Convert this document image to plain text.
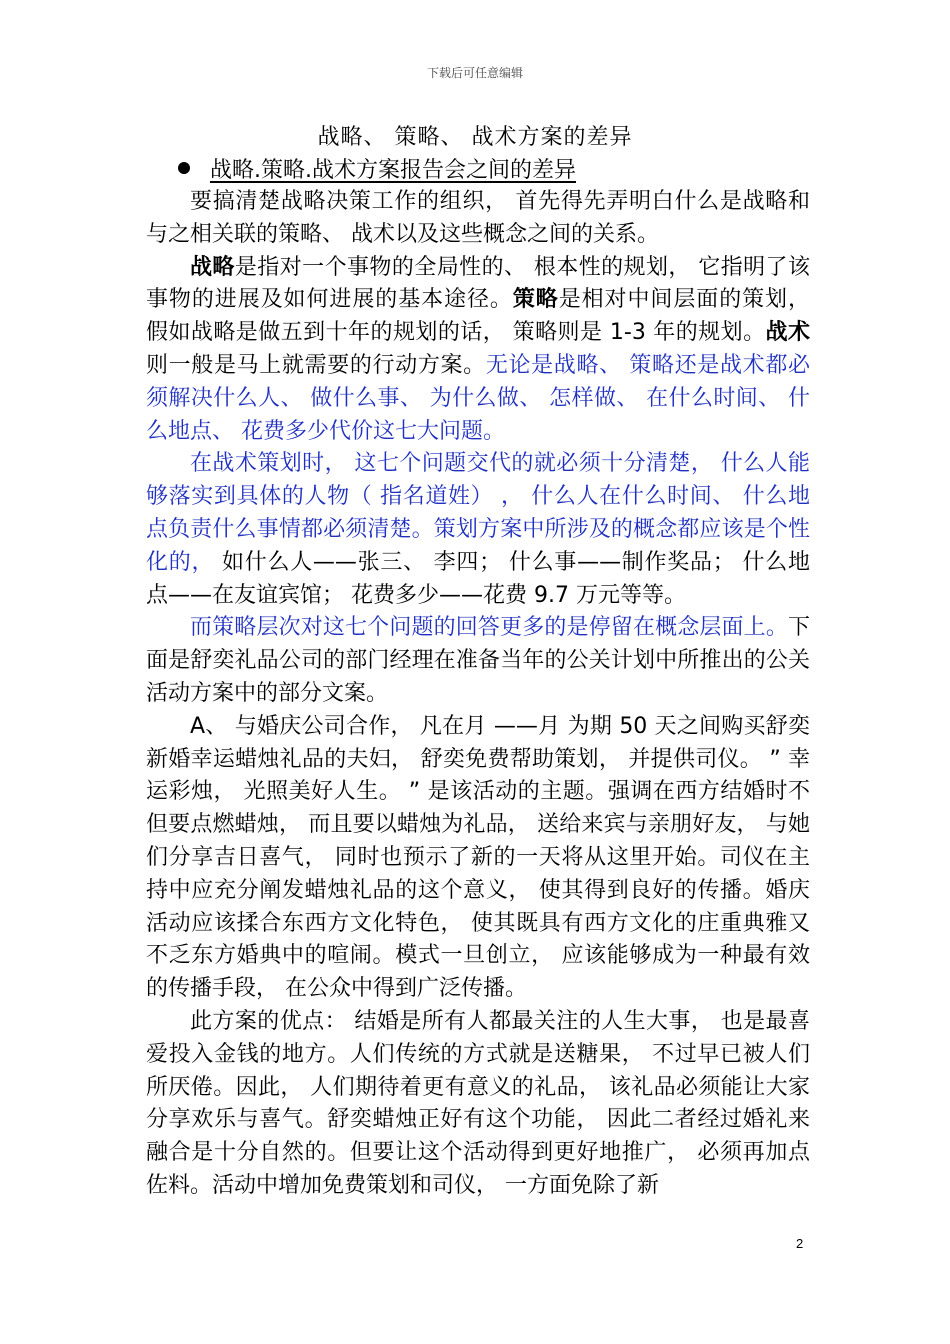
下载后可任意编辑
战略、 策略、 战术方案的差异
战略.策略.战术方案报告会之间的差异

要搞清楚战略决策工作的组织， 首先得先弄明白什么是战略和与之相关联的策略、 战术以及这些概念之间的关系。

战略是指对一个事物的全局性的、 根本性的规划， 它指明了该事物的进展及如何进展的基本途径。策略是相对中间层面的策划， 假如战略是做五到十年的规划的话， 策略则是 1-3 年的规划。战术则一般是马上就需要的行动方案。无论是战略、 策略还是战术都必须解决什么人、 做什么事、 为什么做、 怎样做、 在什么时间、 什么地点、 花费多少代价这七大问题。

在战术策划时， 这七个问题交代的就必须十分清楚， 什么人能够落实到具体的人物（ 指名道姓） ， 什么人在什么时间、 什么地点负责什么事情都必须清楚。策划方案中所涉及的概念都应该是个性化的， 如什么人——张三、 李四； 什么事——制作奖品； 什么地点——在友谊宾馆； 花费多少——花费 9.7 万元等等。

而策略层次对这七个问题的回答更多的是停留在概念层面上。下面是舒奕礼品公司的部门经理在准备当年的公关计划中所推出的公关活动方案中的部分文案。

A、 与婚庆公司合作， 凡在月 ——月 为期 50 天之间购买舒奕新婚幸运蜡烛礼品的夫妇， 舒奕免费帮助策划， 并提供司仪。 ” 幸运彩烛， 光照美好人生。 ” 是该活动的主题。强调在西方结婚时不但要点燃蜡烛， 而且要以蜡烛为礼品， 送给来宾与亲朋好友， 与她们分享吉日喜气， 同时也预示了新的一天将从这里开始。司仪在主持中应充分阐发蜡烛礼品的这个意义， 使其得到良好的传播。婚庆活动应该揉合东西方文化特色， 使其既具有西方文化的庄重典雅又不乏东方婚典中的喧闹。模式一旦创立， 应该能够成为一种最有效的传播手段， 在公众中得到广泛传播。

此方案的优点： 结婚是所有人都最关注的人生大事， 也是最喜爱投入金钱的地方。人们传统的方式就是送糖果， 不过早已被人们所厌倦。因此， 人们期待着更有意义的礼品， 该礼品必须能让大家分享欢乐与喜气。舒奕蜡烛正好有这个功能， 因此二者经过婚礼来融合是十分自然的。但要让这个活动得到更好地推广， 必须再加点佐料。活动中增加免费策划和司仪， 一方面免除了新

2
